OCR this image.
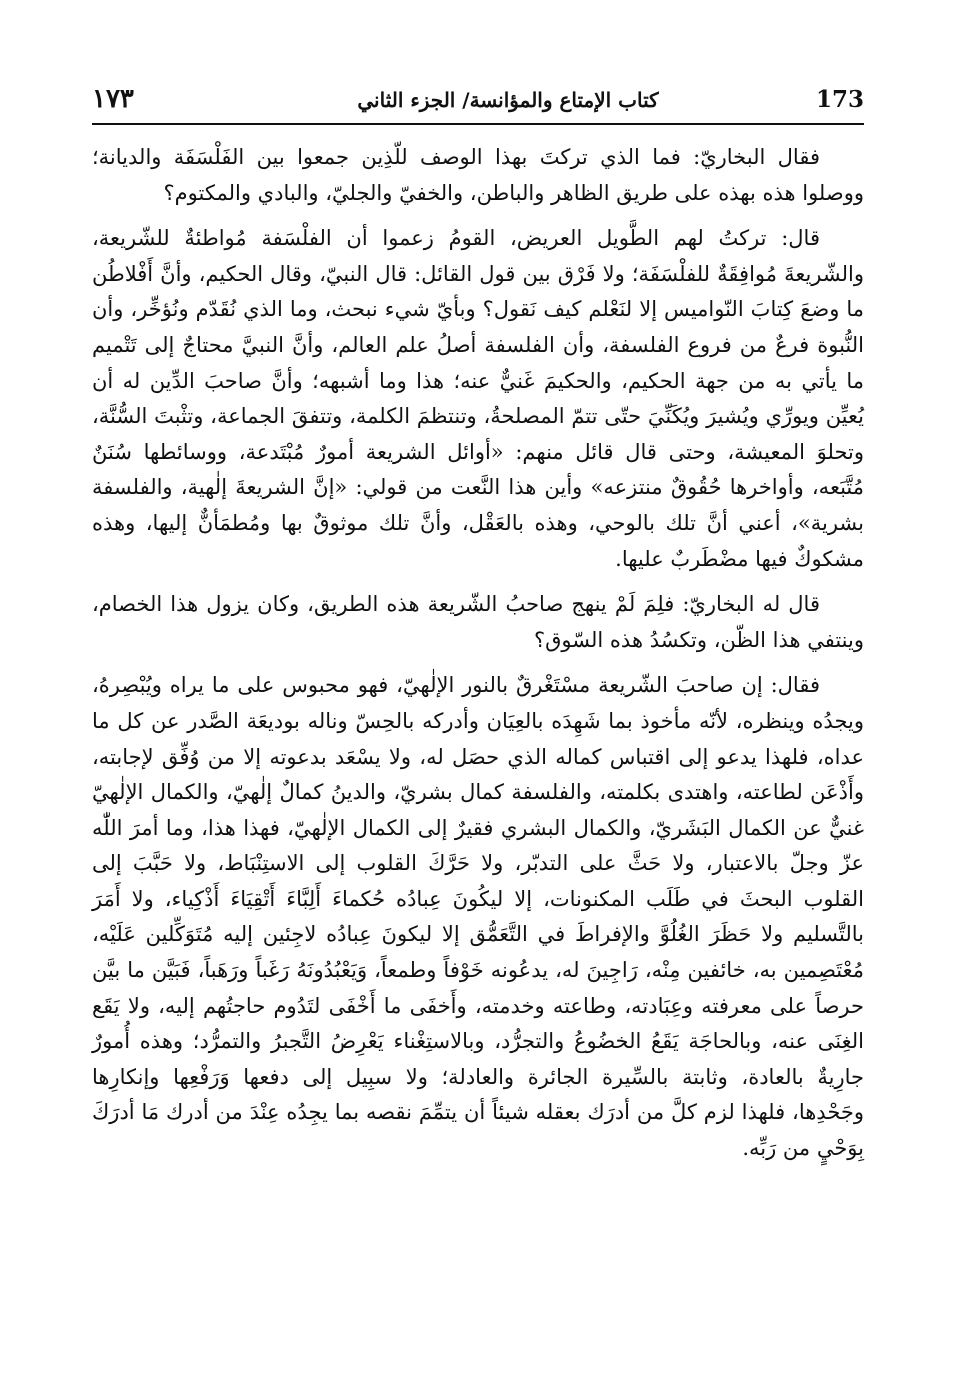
١٧٣	كتاب الإمتاع والمؤانسة/ الجزء الثاني	173

فقال البخاريّ: فما الذي تركتَ بهذا الوصف للّذِين جمعوا بين الفَلْسَفَة والديانة؛ ووصلوا هذه بهذه على طريق الظاهر والباطن، والخفيّ والجليّ، والبادي والمكتوم؟

قال: تركتُ لهم الطَّويل العريض، القومُ زعموا أن الفلْسَفة مُواطئةٌ للشّريعة، والشّريعةَ مُوافِقَةٌ للفلْسَفَة؛ ولا فَرْق بين قول القائل: قال النبيّ، وقال الحكيم، وأنَّ أَفْلاطُن ما وضعَ كِتابَ النّواميس إلا لنَعْلم كيف نَقول؟ وبأيّ شيء نبحث، وما الذي نُقَدّم ونُؤخِّر، وأن النُّبوة فرعٌ من فروع الفلسفة، وأن الفلسفة أصلُ علم العالم، وأنَّ النبيَّ محتاجٌ إلى تَتْميم ما يأتي به من جهة الحكيم، والحكيمَ غَنيٌّ عنه؛ هذا وما أشبهه؛ وأنَّ صاحبَ الدِّين له أن يُعيِّن ويورِّي ويُشيرَ ويُكَنِّيَ حتّى تتمّ المصلحةُ، وتنتظمَ الكلمة، وتتفقَ الجماعة، وتثْبتَ السُّنَّة، وتحلوَ المعيشة، وحتى قال قائل منهم: «أوائل الشريعة أمورٌ مُبْتَدعة، ووسائطها سُنَنٌ مُتَّبَعه، وأواخرها حُقُوقٌ منتزعه» وأين هذا النَّعت من قولي: «إنَّ الشريعةَ إلٰهية، والفلسفة بشرية»، أعني أنَّ تلك بالوحي، وهذه بالعَقْل، وأنَّ تلك موثوقٌ بها ومُطمَأنٌّ إليها، وهذه مشكوكٌ فيها مضْطَربٌ عليها.

قال له البخاريّ: فلِمَ لَمْ ينهج صاحبُ الشّريعة هذه الطريق، وكان يزول هذا الخصام، وينتفي هذا الظّن، وتكسُدُ هذه السّوق؟

فقال: إن صاحبَ الشّريعة مسْتَغْرقٌ بالنور الإلٰهيّ، فهو محبوس على ما يراه ويُبْصِرهُ، ويجدُه وينظره، لأنّه مأخوذ بما شَهِدَه بالعِيَان وأدركه بالحِسّ وناله بوديعَة الصَّدر عن كل ما عداه، فلهذا يدعو إلى اقتباس كماله الذي حصَل له، ولا يسْعَد بدعوته إلا من وُفِّق لإجابته، وأَذْعَن لطاعته، واهتدى بكلمته، والفلسفة كمال بشريّ، والدينُ كمالٌ إلٰهيّ، والكمال الإلٰهيّ غنيٌّ عن الكمال البَشَريّ، والكمال البشري فقيرٌ إلى الكمال الإلٰهيّ، فهذا هذا، وما أمرَ اللّٰه عزّ وجلّ بالاعتبار، ولا حَثَّ على التدبّر، ولا حَرَّكَ القلوب إلى الاستِنْبَاط، ولا حَبَّبَ إلى القلوب البحثَ في طَلَب المكنونات، إلا ليكُونَ عِبادُه حُكماءَ أَلِبَّاءَ أَتْقِيَاءَ أَذْكِياء، ولا أَمَرَ بالتَّسليم ولا حَظَرَ الغُلُوَّ والإفراطَ في التَّعَمُّق إلا ليكونَ عِبادُه لاجِئين إليه مُتَوَكِّلين عَلَيْه، مُعْتَصِمين به، خائفين مِنْه، رَاجِينَ له، يدعُونه خَوْفاً وطمعاً، وَيَعْبُدُونَهُ رَغَباً ورَهَباً، فَبَيَّن ما بيَّن حرصاً على معرفته وعِبَادته، وطاعته وخدمته، وأَخفَى ما أَخْفَى لتَدُوم حاجتُهم إليه، ولا يَقَع الغِنَى عنه، وبالحاجَة يَقَعُ الخضُوعُ والتجرُّد، وبالاستِغْناء يَعْرِضُ التَّجبرُ والتمرُّد؛ وهذه أُمورٌ جارِيةٌ بالعادة، وثابتة بالسِّيرة الجائرة والعادلة؛ ولا سبِيل إلى دفعها وَرَفْعِها وإنكارِها وجَحْدِها، فلهذا لزم كلَّ من أدرَك بعقله شيئاً أن يتمِّمَ نقصه بما يجِدُه عِنْدَ من أدرك مَا أدرَكَ بِوَحْيٍ من رَبِّه.
